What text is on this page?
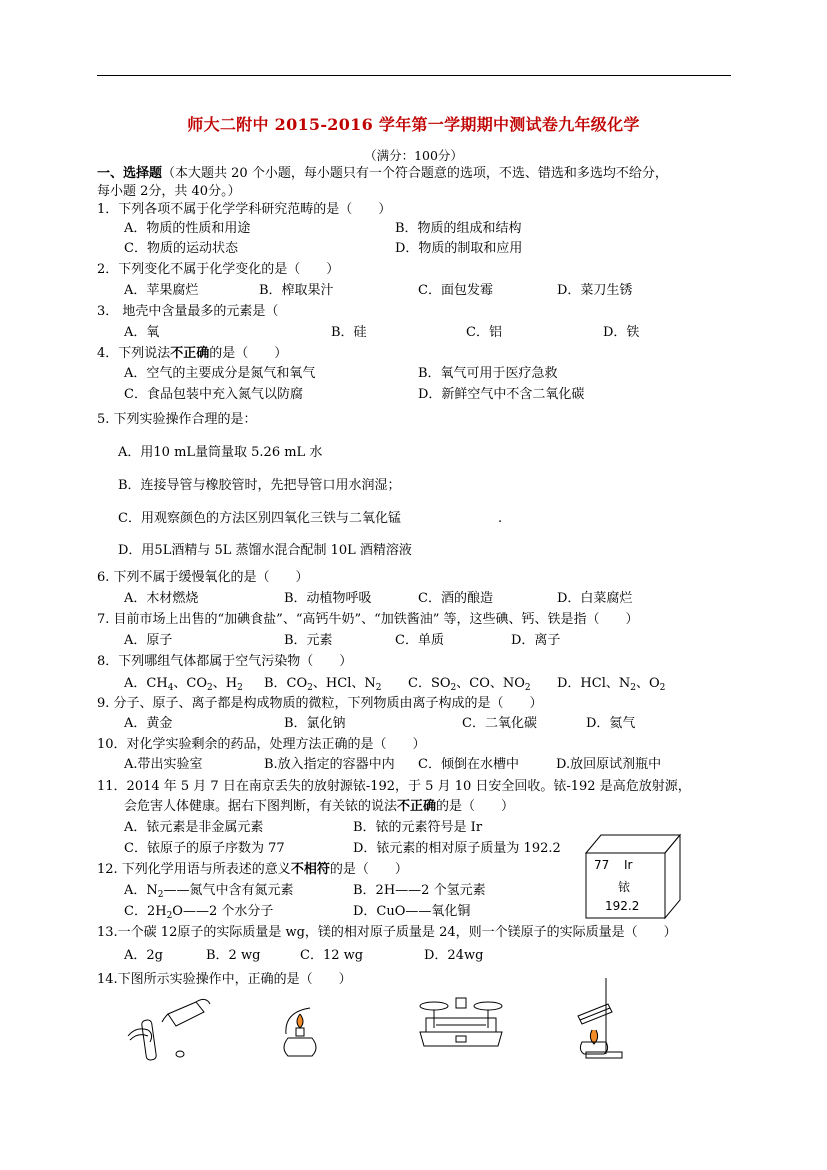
师大二附中 2015-2016 学年第一学期期中测试卷九年级化学
（满分：100分）
一、选择题（本大题共 20 个小题，每小题只有一个符合题意的选项，不选、错选和多选均不给分，
每小题 2分，共 40分。）
1．下列各项不属于化学学科研究范畴的是（　　）
A．物质的性质和用途	B．物质的组成和结构
C．物质的运动状态	D．物质的制取和应用
2．下列变化不属于化学变化的是（　　）
A．苹果腐烂	B．榨取果汁	C．面包发霉	D．菜刀生锈
3． 地壳中含量最多的元素是（　　　
A．氧	B．硅	C．铝	D．铁
4．下列说法不正确的是（　　）
A．空气的主要成分是氮气和氧气	B．氧气可用于医疗急救
C．食品包装中充入氮气以防腐	D．新鲜空气中不含二氧化碳
5. 下列实验操作合理的是：
A．用10 mL量筒量取 5.26 mL 水
B．连接导管与橡胶管时，先把导管口用水润湿；
C．用观察颜色的方法区别四氧化三铁与二氧化锰	.
D．用5L酒精与 5L 蒸馏水混合配制 10L 酒精溶液
6. 下列不属于缓慢氧化的是（　　）
A．木材燃烧	B．动植物呼吸	C．酒的酿造	D．白菜腐烂
7. 目前市场上出售的“加碘食盐”、“高钙牛奶”、“加铁酱油” 等，这些碘、钙、铁是指（　　）
A．原子	B．元素	C．单质	D．离子
8．下列哪组气体都属于空气污染物（　　）
A．$CH_4$、$CO_2$、$H_2$ B．$CO_2$、HCl、$N_2$ C．$SO_2$、CO、$NO_2$ D．HCl、$N_2$、$O_2$
9. 分子、原子、离子都是构成物质的微粒，下列物质由离子构成的是（　　）
A．黄金	B．氯化钠	C．二氧化碳	D．氦气
10．对化学实验剩余的药品，处理方法正确的是（　　）
A.带出实验室	B.放入指定的容器中内 C．倾倒在水槽中	D.放回原试剂瓶中
11．2014 年 5 月 7 日在南京丢失的放射源铱-192，于 5 月 10 日安全回收。铱-192 是高危放射源，
会危害人体健康。据右下图判断，有关铱的说法不正确的是（　　）
A．铱元素是非金属元素	B．铱的元素符号是 Ir
C．铱原子的原子序数为 77	D．铱元素的相对原子质量为 192.2
77 Ir
铱
192.2
12. 下列化学用语与所表述的意义不相符的是（　　）
A．$N_2——$氮气中含有氮元素	B．2H——2 个氢元素
C．$2H_2O——2$ 个水分子	D．CuO——氧化铜
13.一个碳 12原子的实际质量是 wg，镁的相对原子质量是 24，则一个镁原子的实际质量是（　　）
A．2g	B．2 wg	C．12 wg	D．24wg
14.下图所示实验操作中，正确的是（　　）
